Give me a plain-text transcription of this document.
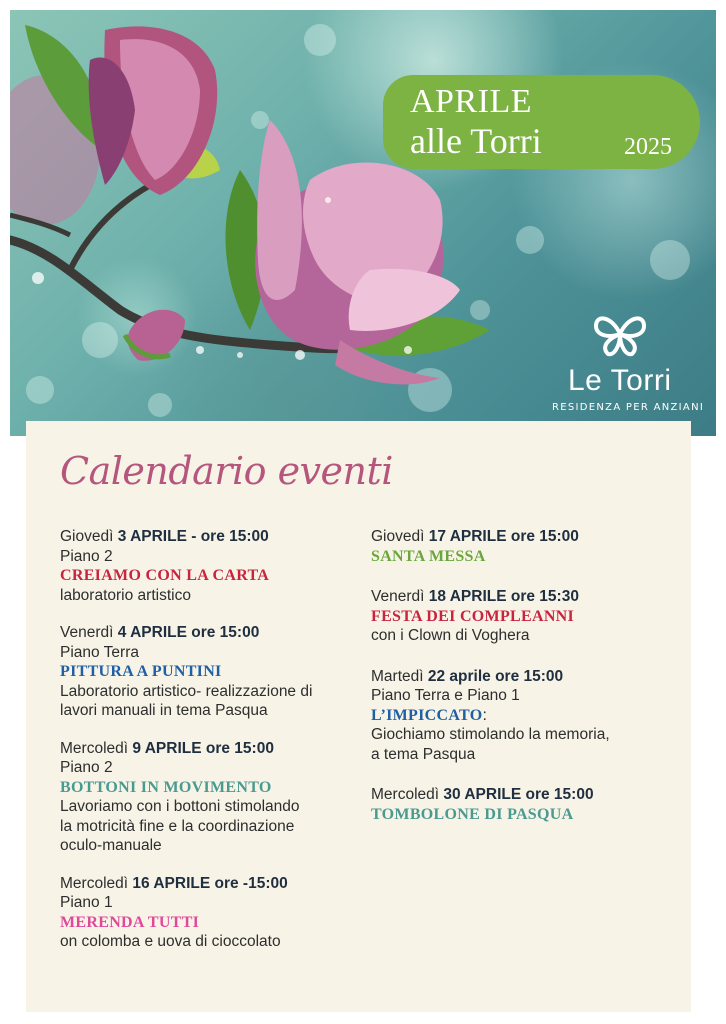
APRILE
alle Torri	2025
Le Torri
RESIDENZA PER ANZIANI
Calendario eventi
Giovedì 3 APRILE - ore 15:00
Piano 2
CREIAMO CON LA CARTA
laboratorio artistico
Venerdì 4 APRILE ore 15:00
Piano Terra
PITTURA A PUNTINI
Laboratorio artistico- realizzazione di
lavori manuali in tema Pasqua
Mercoledì 9 APRILE ore 15:00
Piano 2
BOTTONI IN MOVIMENTO
Lavoriamo con i bottoni stimolando
la motricità fine e la coordinazione
oculo-manuale
Mercoledì 16 APRILE ore -15:00
Piano 1
MERENDA TUTTI
on colomba e uova di cioccolato
Giovedì 17 APRILE ore 15:00
SANTA MESSA
Venerdì 18 APRILE ore 15:30
FESTA DEI COMPLEANNI
con i Clown di Voghera
Martedì 22 aprile ore 15:00
Piano Terra e Piano 1
L’IMPICCATO:
Giochiamo stimolando la memoria,
a tema Pasqua
Mercoledì 30 APRILE ore 15:00
TOMBOLONE DI PASQUA
